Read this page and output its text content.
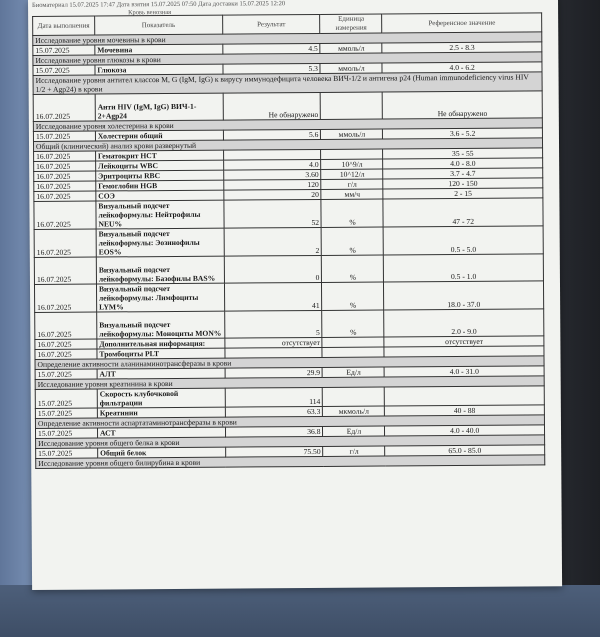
Биоматериал 15.07.2025 17:47 Дата взятия 15.07.2025 07:50 Дата доставки 15.07.2025 12:20
Кровь венозная
Дата выполнения	Показатель	Результат	Единица измерения	Референсное значение
Исследование уровня мочевины в крови				
15.07.2025	Мочевина	4.5	ммоль/л	2.5 - 8.3
Исследование уровня глюкозы в крови				
15.07.2025	Глюкоза	5.3	ммоль/л	4.0 - 6.2
Исследование уровня антител классов M, G (IgM, IgG) к вирусу иммунодефицита человека ВИЧ-1/2 и антигена p24 (Human immunodeficiency virus HIV 1/2 + Agp24) в крови				
16.07.2025	Анти HIV (IgM, IgG) ВИЧ-1-2+Agp24	Не обнаружено		Не обнаружено
Исследование уровня холестерина в крови				
15.07.2025	Холестерин общий	5.6	ммоль/л	3.6 - 5.2
Общий (клинический) анализ крови развернутый				
16.07.2025	Гематокрит HCT			35 - 55
16.07.2025	Лейкоциты WBC	4.0	10^9/л	4.0 - 8.0
16.07.2025	Эритроциты RBC	3.60	10^12/л	3.7 - 4.7
16.07.2025	Гемоглобин HGB	120	г/л	120 - 150
16.07.2025	СОЭ	20	мм/ч	2 - 15
16.07.2025	Визуальный подсчет лейкоформулы: Нейтрофилы NEU%	52	%	47 - 72
16.07.2025	Визуальный подсчет лейкоформулы: Эозинофилы EOS%	2	%	0.5 - 5.0
16.07.2025	Визуальный подсчет лейкоформулы: Базофилы BAS%	0	%	0.5 - 1.0
16.07.2025	Визуальный подсчет лейкоформулы: Лимфоциты LYM%	41	%	18.0 - 37.0
16.07.2025	Визуальный подсчет лейкоформулы: Моноциты MON%	5	%	2.0 - 9.0
16.07.2025	Дополнительная информация:	отсутствует		отсутствует
16.07.2025	Тромбоциты PLT			
Определение активности аланинаминотрансферазы в крови				
15.07.2025	АЛТ	29.9	Ед/л	4.0 - 31.0
Исследование уровня креатинина в крови				
15.07.2025	Скорость клубочковой фильтрации	114		
15.07.2025	Креатинин	63.3	мкмоль/л	40 - 88
Определение активности аспартатаминотрансферазы в крови				
15.07.2025	АСТ	36.8	Ед/л	4.0 - 40.0
Исследование уровня общего белка в крови				
15.07.2025	Общий белок	75.50	г/л	65.0 - 85.0
Исследование уровня общего билирубина в крови				
